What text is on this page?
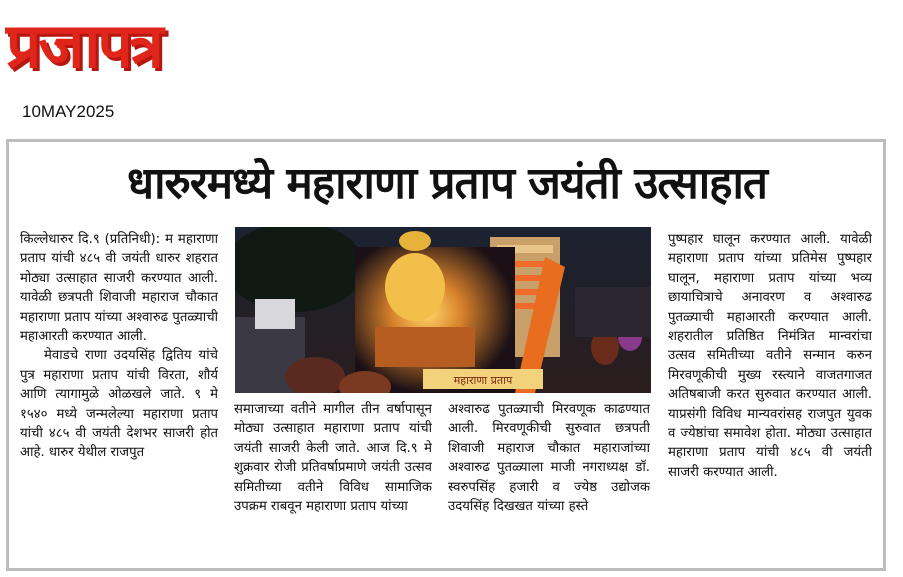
प्रजापत्र
10MAY2025
धारुरमध्ये महाराणा प्रताप जयंती उत्साहात

किल्लेधारुर दि.९ (प्रतिनिधी): म महाराणा प्रताप यांची ४८५ वी जयंती धारुर शहरात मोठ्या उत्साहात साजरी करण्यात आली. यावेळी छत्रपती शिवाजी महाराज चौकात महाराणा प्रताप यांच्या अश्वारुढ पुतळ्याची महाआरती करण्यात आली.

मेवाडचे राणा उदयसिंह द्वितिय यांचे पुत्र महाराणा प्रताप यांची विरता, शौर्य आणि त्यागामुळे ओळखले जाते. ९ मे १५४० मध्ये जन्मलेल्या महाराणा प्रताप यांची ४८५ वी जयंती देशभर साजरी होत आहे. धारुर येथील राजपुत

महाराणा प्रताप

समाजाच्या वतीने मागील तीन वर्षापासून मोठ्या उत्साहात महाराणा प्रताप यांची जयंती साजरी केली जाते. आज दि.९ मे शुक्रवार रोजी प्रतिवर्षाप्रमाणे जयंती उत्सव समितीच्या वतीने विविध सामाजिक उपक्रम राबवून महाराणा प्रताप यांच्या

अश्वारुढ पुतळ्याची मिरवणूक काढण्यात आली. मिरवणूकीची सुरुवात छत्रपती शिवाजी महाराज चौकात महाराजांच्या अश्वारुढ पुतळ्याला माजी नगराध्यक्ष डॉ. स्वरुपसिंह हजारी व ज्येष्ठ उद्योजक उदयसिंह दिखखत यांच्या हस्ते

पुष्पहार घालून करण्यात आली. यावेळी महाराणा प्रताप यांच्या प्रतिमेस पुष्पहार घालून, महाराणा प्रताप यांच्या भव्य छायाचित्राचे अनावरण व अश्वारुढ पुतळ्याची महाआरती करण्यात आली. शहरातील प्रतिष्ठित निमंत्रित मान्वरांचा उत्सव समितीच्या वतीने सन्मान करुन मिरवणूकीची मुख्य रस्त्याने वाजतगाजत अतिषबाजी करत सुरुवात करण्यात आली. याप्रसंगी विविध मान्यवरांसह राजपुत युवक व ज्येष्ठांचा समावेश होता. मोठ्या उत्साहात महाराणा प्रताप यांची ४८५ वी जयंती साजरी करण्यात आली.
